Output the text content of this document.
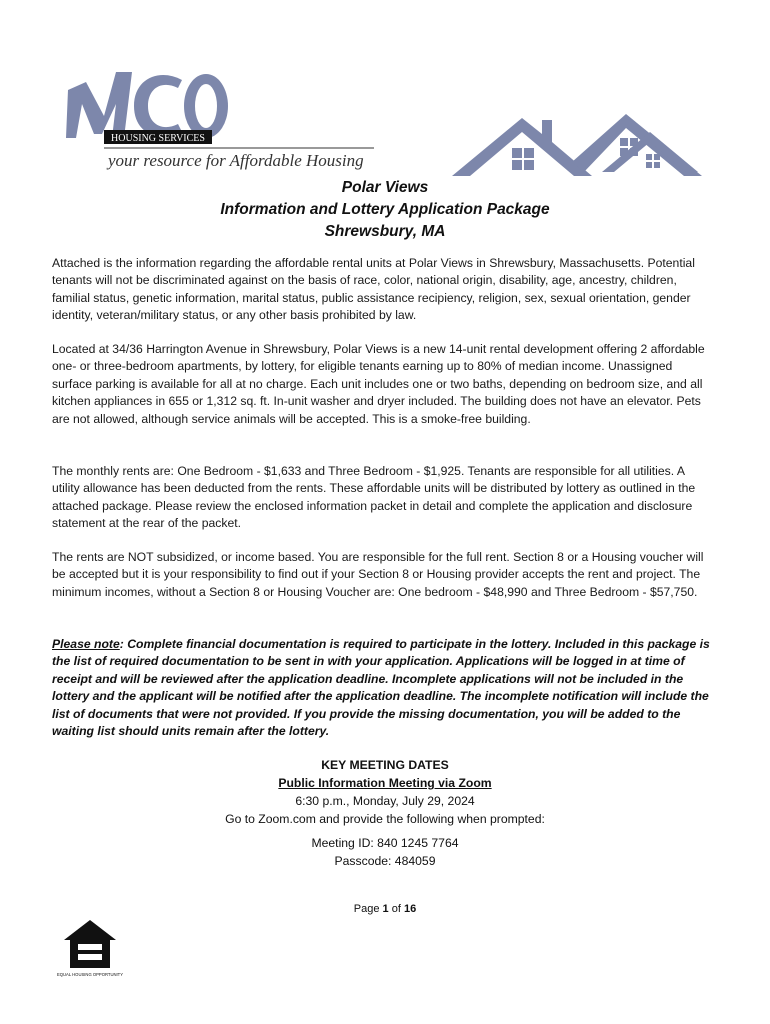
HOUSING SERVICES
your resource for Affordable Housing
Polar Views
Information and Lottery Application Package
Shrewsbury, MA
Attached is the information regarding the affordable rental units at Polar Views in Shrewsbury, Massachusetts. Potential tenants will not be discriminated against on the basis of race, color, national origin, disability, age, ancestry, children, familial status, genetic information, marital status, public assistance recipiency, religion, sex, sexual orientation, gender identity, veteran/military status, or any other basis prohibited by law.
Located at 34/36 Harrington Avenue in Shrewsbury, Polar Views is a new 14-unit rental development offering 2 affordable one- or three-bedroom apartments, by lottery, for eligible tenants earning up to 80% of median income. Unassigned surface parking is available for all at no charge. Each unit includes one or two baths, depending on bedroom size, and all kitchen appliances in 655 or 1,312 sq. ft. In-unit washer and dryer included. The building does not have an elevator. Pets are not allowed, although service animals will be accepted. This is a smoke-free building.
The monthly rents are: One Bedroom - $1,633 and Three Bedroom - $1,925. Tenants are responsible for all utilities. A utility allowance has been deducted from the rents. These affordable units will be distributed by lottery as outlined in the attached package. Please review the enclosed information packet in detail and complete the application and disclosure statement at the rear of the packet.
The rents are NOT subsidized, or income based. You are responsible for the full rent. Section 8 or a Housing voucher will be accepted but it is your responsibility to find out if your Section 8 or Housing provider accepts the rent and project. The minimum incomes, without a Section 8 or Housing Voucher are: One bedroom - $48,990 and Three Bedroom - $57,750.
Please note: Complete financial documentation is required to participate in the lottery. Included in this package is the list of required documentation to be sent in with your application. Applications will be logged in at time of receipt and will be reviewed after the application deadline. Incomplete applications will not be included in the lottery and the applicant will be notified after the application deadline. The incomplete notification will include the list of documents that were not provided. If you provide the missing documentation, you will be added to the waiting list should units remain after the lottery.
KEY MEETING DATES
Public Information Meeting via Zoom
6:30 p.m., Monday, July 29, 2024
Go to Zoom.com and provide the following when prompted:
Meeting ID: 840 1245 7764
Passcode: 484059
Page 1 of 16
EQUAL HOUSING OPPORTUNITY
